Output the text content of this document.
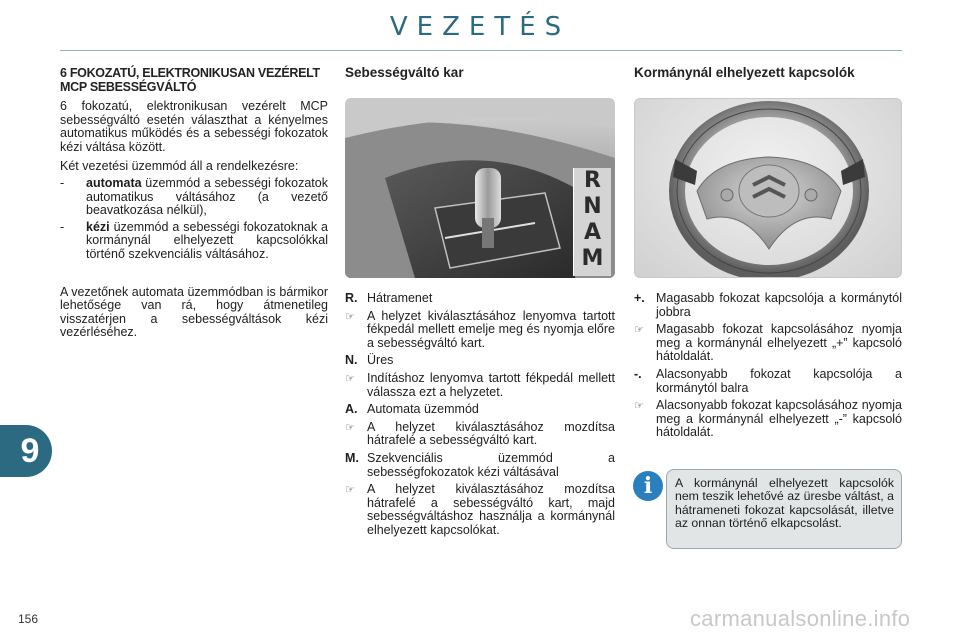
VEZETÉS
6 FOKOZATÚ, ELEKTRONIKUSAN VEZÉRELT MCP SEBESSÉGVÁLTÓ

6 fokozatú, elektronikusan vezérelt MCP sebességváltó esetén választhat a kényelmes automatikus működés és a sebességi fokozatok kézi váltása között.

Két vezetési üzemmód áll a rendelkezésre:

-	automata üzemmód a sebességi fokozatok automatikus váltásához (a vezető beavatkozása nélkül),
-	kézi üzemmód a sebességi fokozatoknak a kormánynál elhelyezett kapcsolókkal történő szekvenciális váltásához.

A vezetőnek automata üzemmódban is bármikor lehetősége van rá, hogy átmenetileg visszatérjen a sebességváltások kézi vezérléséhez.

Sebességváltó kar
R
N
A
M
R. Hátramenet
☞ A helyzet kiválasztásához lenyomva tartott fékpedál mellett emelje meg és nyomja előre a sebességváltó kart.
N. Üres
☞ Indításhoz lenyomva tartott fékpedál mellett válassza ezt a helyzetet.
A. Automata üzemmód
☞ A helyzet kiválasztásához mozdítsa hátrafelé a sebességváltó kart.
M. Szekvenciális üzemmód a sebességfokozatok kézi váltásával
☞ A helyzet kiválasztásához mozdítsa hátrafelé a sebességváltó kart, majd sebességváltáshoz használja a kormánynál elhelyezett kapcsolókat.
Kormánynál elhelyezett kapcsolók
+. Magasabb fokozat kapcsolója a kormánytól jobbra
☞ Magasabb fokozat kapcsolásához nyomja meg a kormánynál elhelyezett „+” kapcsoló hátoldalát.
-.	Alacsonyabb fokozat kapcsolója a kormánytól balra
☞ Alacsonyabb fokozat kapcsolásához nyomja meg a kormánynál elhelyezett „-” kapcsoló hátoldalát.
i	A kormánynál elhelyezett kapcsolók nem teszik lehetővé az üresbe váltást, a hátrameneti fokozat kapcsolását, illetve az onnan történő elkapcsolást.
9
156	carmanualsonline.info
